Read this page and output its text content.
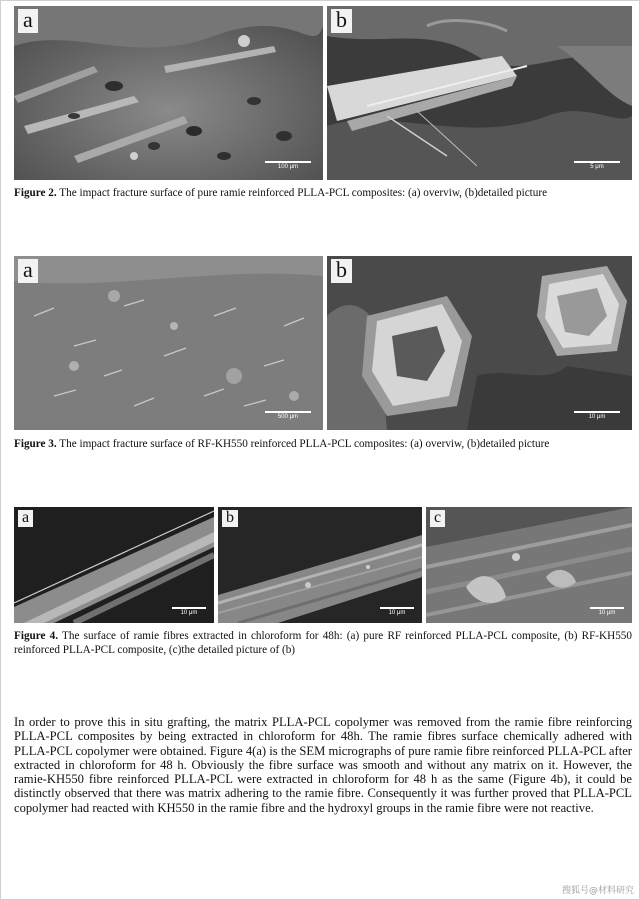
a
100 μm
b
5 μm
Figure 2. The impact fracture surface of pure ramie reinforced PLLA-PCL composites: (a) overviw, (b)detailed picture
a
500 μm
b
10 μm
Figure 3. The impact fracture surface of RF-KH550 reinforced PLLA-PCL composites: (a) overviw, (b)detailed picture
a
10 μm
b
10 μm
c
10 μm
Figure 4. The surface of ramie fibres extracted in chloroform for 48h: (a) pure RF reinforced PLLA-PCL composite, (b) RF-KH550 reinforced PLLA-PCL composite, (c)the detailed picture of (b)

In order to prove this in situ grafting, the matrix PLLA-PCL copolymer was removed from the ramie fibre reinforcing PLLA-PCL composites by being extracted in chloroform for 48h. The ramie fibres surface chemically adhered with PLLA-PCL copolymer were obtained. Figure 4(a) is the SEM micrographs of pure ramie fibre reinforced PLLA-PCL after extracted in chloroform for 48 h. Obviously the fibre surface was smooth and without any matrix on it. However, the ramie-KH550 fibre reinforced PLLA-PCL were extracted in chloroform for 48 h as the same (Figure 4b), it could be distinctly observed that there was matrix adhering to the ramie fibre. Consequently it was further proved that PLLA-PCL copolymer had reacted with KH550 in the ramie fibre and the hydroxyl groups in the ramie fibre were not reactive.

搜狐号@材料研究
